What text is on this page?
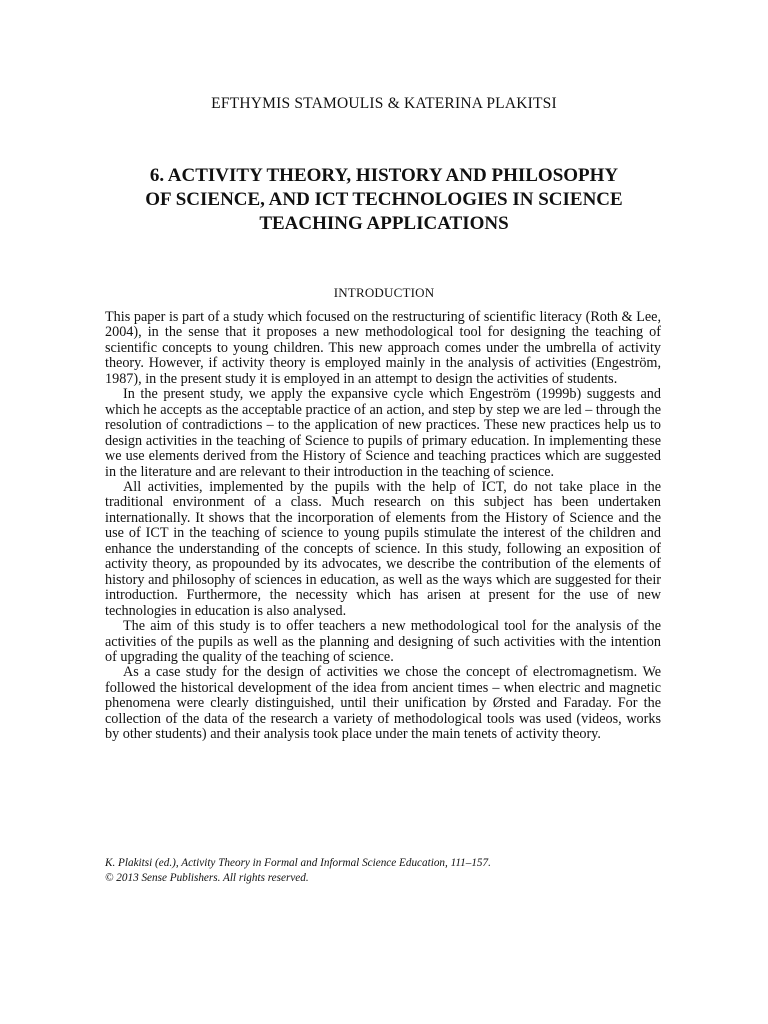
EFTHYMIS STAMOULIS & KATERINA PLAKITSI
6. ACTIVITY THEORY, HISTORY AND PHILOSOPHY
OF SCIENCE, AND ICT TECHNOLOGIES IN SCIENCE
TEACHING APPLICATIONS
INTRODUCTION

This paper is part of a study which focused on the restructuring of scientific literacy (Roth & Lee, 2004), in the sense that it proposes a new methodological tool for designing the teaching of scientific concepts to young children. This new approach comes under the umbrella of activity theory. However, if activity theory is employed mainly in the analysis of activities (Engeström, 1987), in the present study it is employed in an attempt to design the activities of students.

In the present study, we apply the expansive cycle which Engeström (1999b) suggests and which he accepts as the acceptable practice of an action, and step by step we are led – through the resolution of contradictions – to the application of new practices. These new practices help us to design activities in the teaching of Science to pupils of primary education. In implementing these we use elements derived from the History of Science and teaching practices which are suggested in the literature and are relevant to their introduction in the teaching of science.

All activities, implemented by the pupils with the help of ICT, do not take place in the traditional environment of a class. Much research on this subject has been undertaken internationally. It shows that the incorporation of elements from the History of Science and the use of ICT in the teaching of science to young pupils stimulate the interest of the children and enhance the understanding of the concepts of science. In this study, following an exposition of activity theory, as propounded by its advocates, we describe the contribution of the elements of history and philosophy of sciences in education, as well as the ways which are suggested for their introduction. Furthermore, the necessity which has arisen at present for the use of new technologies in education is also analysed.

The aim of this study is to offer teachers a new methodological tool for the analysis of the activities of the pupils as well as the planning and designing of such activities with the intention of upgrading the quality of the teaching of science.

As a case study for the design of activities we chose the concept of electromagnetism. We followed the historical development of the idea from ancient times – when electric and magnetic phenomena were clearly distinguished, until their unification by Ørsted and Faraday. For the collection of the data of the research a variety of methodological tools was used (videos, works by other students) and their analysis took place under the main tenets of activity theory.

K. Plakitsi (ed.), Activity Theory in Formal and Informal Science Education, 111–157.
© 2013 Sense Publishers. All rights reserved.
